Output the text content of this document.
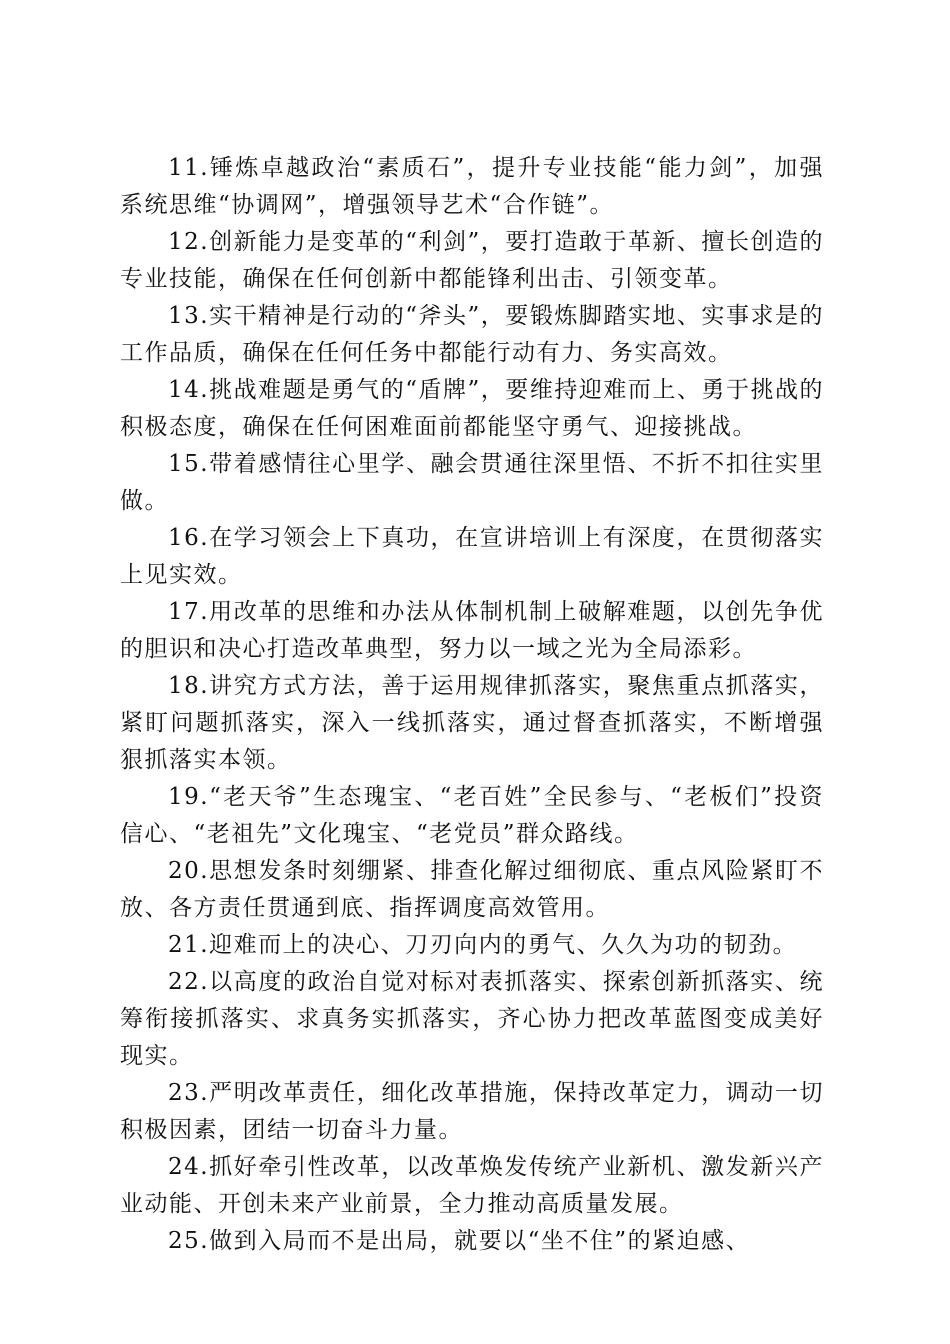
11.锤炼卓越政治“素质石”，提升专业技能“能力剑”，加强系统思维“协调网”，增强领导艺术“合作链”。

12.创新能力是变革的“利剑”，要打造敢于革新、擅长创造的专业技能，确保在任何创新中都能锋利出击、引领变革。

13.实干精神是行动的“斧头”，要锻炼脚踏实地、实事求是的工作品质，确保在任何任务中都能行动有力、务实高效。

14.挑战难题是勇气的“盾牌”，要维持迎难而上、勇于挑战的积极态度，确保在任何困难面前都能坚守勇气、迎接挑战。

15.带着感情往心里学、融会贯通往深里悟、不折不扣往实里做。

16.在学习领会上下真功，在宣讲培训上有深度，在贯彻落实上见实效。

17.用改革的思维和办法从体制机制上破解难题，以创先争优的胆识和决心打造改革典型，努力以一域之光为全局添彩。

18.讲究方式方法，善于运用规律抓落实，聚焦重点抓落实，紧盯问题抓落实，深入一线抓落实，通过督查抓落实，不断增强狠抓落实本领。

19.“老天爷”生态瑰宝、“老百姓”全民参与、“老板们”投资信心、“老祖先”文化瑰宝、“老党员”群众路线。

20.思想发条时刻绷紧、排查化解过细彻底、重点风险紧盯不放、各方责任贯通到底、指挥调度高效管用。

21.迎难而上的决心、刀刃向内的勇气、久久为功的韧劲。

22.以高度的政治自觉对标对表抓落实、探索创新抓落实、统筹衔接抓落实、求真务实抓落实，齐心协力把改革蓝图变成美好现实。

23.严明改革责任，细化改革措施，保持改革定力，调动一切积极因素，团结一切奋斗力量。

24.抓好牵引性改革，以改革焕发传统产业新机、激发新兴产业动能、开创未来产业前景，全力推动高质量发展。

25.做到入局而不是出局，就要以“坐不住”的紧迫感、
